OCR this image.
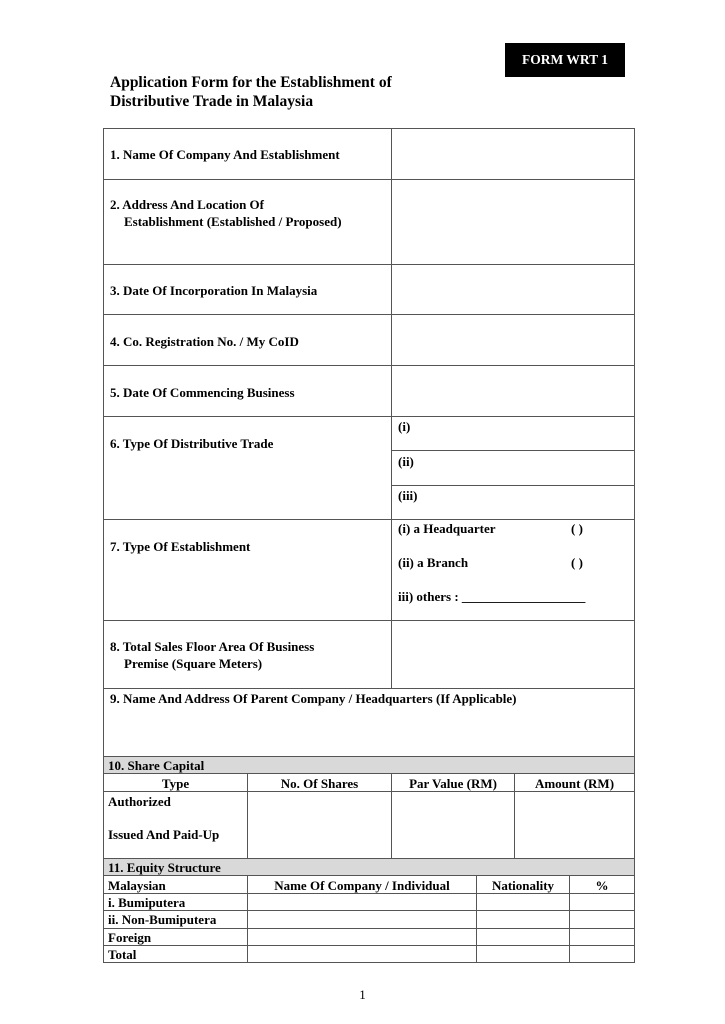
FORM WRT 1
Application Form for the Establishment of
Distributive Trade in Malaysia
1. Name Of Company And Establishment
2. Address And Location Of
Establishment (Established / Proposed)
3. Date Of Incorporation In Malaysia
4. Co. Registration No. / My CoID
5. Date Of Commencing Business
6. Type Of Distributive Trade
(i)
(ii)
(iii)
7. Type Of Establishment
(i) a Headquarter	( )
(ii) a Branch	( )
iii) others : ___________________
8. Total Sales Floor Area Of Business
Premise (Square Meters)
9. Name And Address Of Parent Company / Headquarters (If Applicable)
10. Share Capital
Type	No. Of Shares	Par Value (RM)	Amount (RM)
Authorized
Issued And Paid-Up
11. Equity Structure
Malaysian	Name Of Company / Individual	Nationality	%
i. Bumiputera
ii. Non-Bumiputera
Foreign
Total
1
